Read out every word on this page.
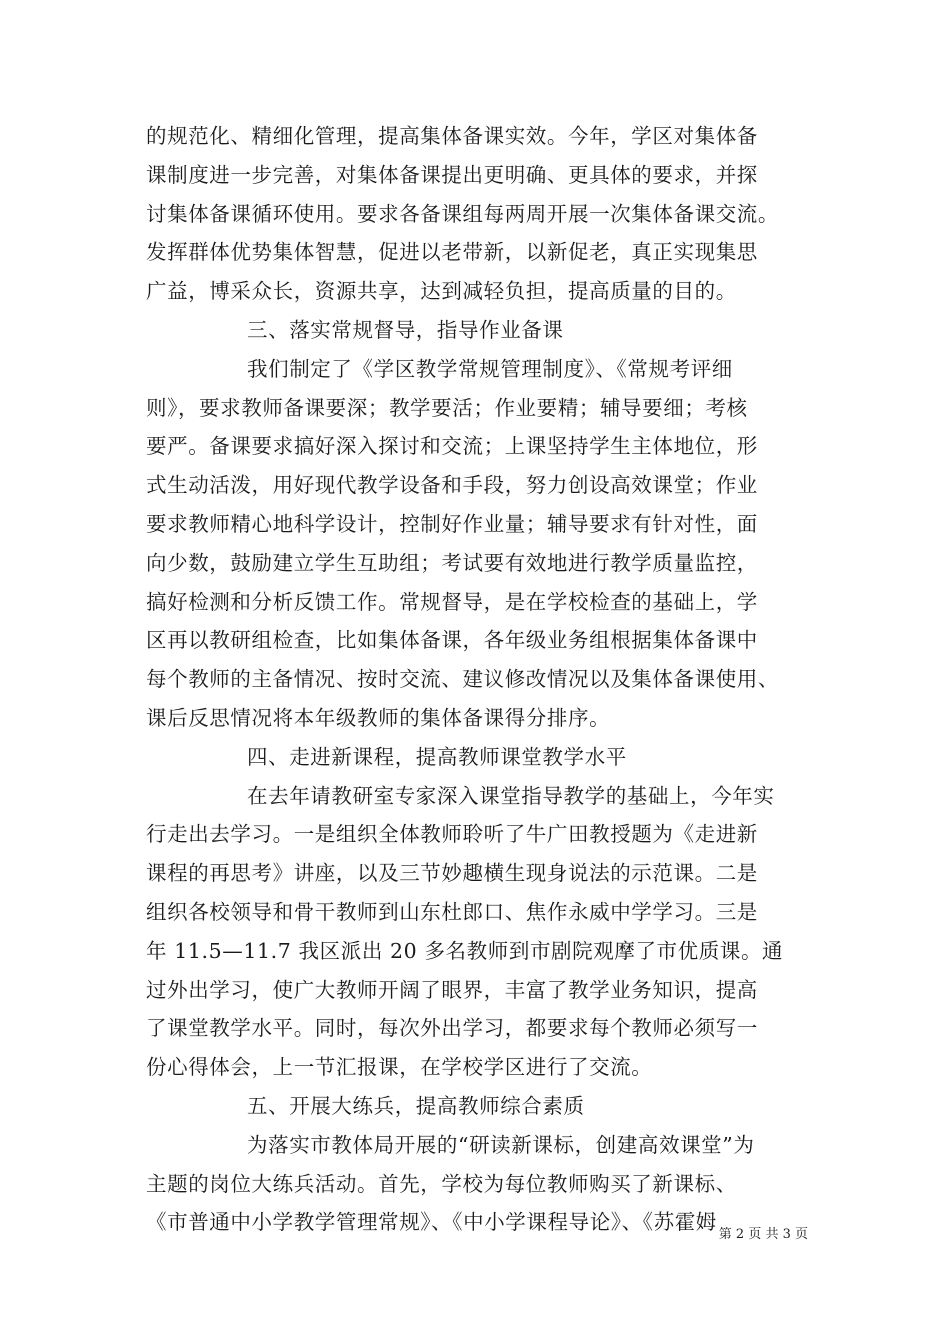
的规范化、精细化管理，提高集体备课实效。今年，学区对集体备
课制度进一步完善，对集体备课提出更明确、更具体的要求，并探
讨集体备课循环使用。要求各备课组每两周开展一次集体备课交流。
发挥群体优势集体智慧，促进以老带新，以新促老，真正实现集思
广益，博采众长，资源共享，达到减轻负担，提高质量的目的。
三、落实常规督导，指导作业备课
我们制定了《学区教学常规管理制度》、《常规考评细
则》，要求教师备课要深；教学要活；作业要精；辅导要细；考核
要严。备课要求搞好深入探讨和交流；上课坚持学生主体地位，形
式生动活泼，用好现代教学设备和手段，努力创设高效课堂；作业
要求教师精心地科学设计，控制好作业量；辅导要求有针对性，面
向少数，鼓励建立学生互助组；考试要有效地进行教学质量监控，
搞好检测和分析反馈工作。常规督导，是在学校检查的基础上，学
区再以教研组检查，比如集体备课，各年级业务组根据集体备课中
每个教师的主备情况、按时交流、建议修改情况以及集体备课使用、
课后反思情况将本年级教师的集体备课得分排序。
四、走进新课程，提高教师课堂教学水平
在去年请教研室专家深入课堂指导教学的基础上，今年实
行走出去学习。一是组织全体教师聆听了牛广田教授题为《走进新
课程的再思考》讲座，以及三节妙趣横生现身说法的示范课。二是
组织各校领导和骨干教师到山东杜郎口、焦作永威中学学习。三是
年 11.5—11.7 我区派出 20 多名教师到市剧院观摩了市优质课。通
过外出学习，使广大教师开阔了眼界，丰富了教学业务知识，提高
了课堂教学水平。同时，每次外出学习，都要求每个教师必须写一
份心得体会，上一节汇报课，在学校学区进行了交流。
五、开展大练兵，提高教师综合素质
为落实市教体局开展的“研读新课标，创建高效课堂”为
主题的岗位大练兵活动。首先，学校为每位教师购买了新课标、
《市普通中小学教学管理常规》、《中小学课程导论》、《苏霍姆
第 2 页 共 3 页
